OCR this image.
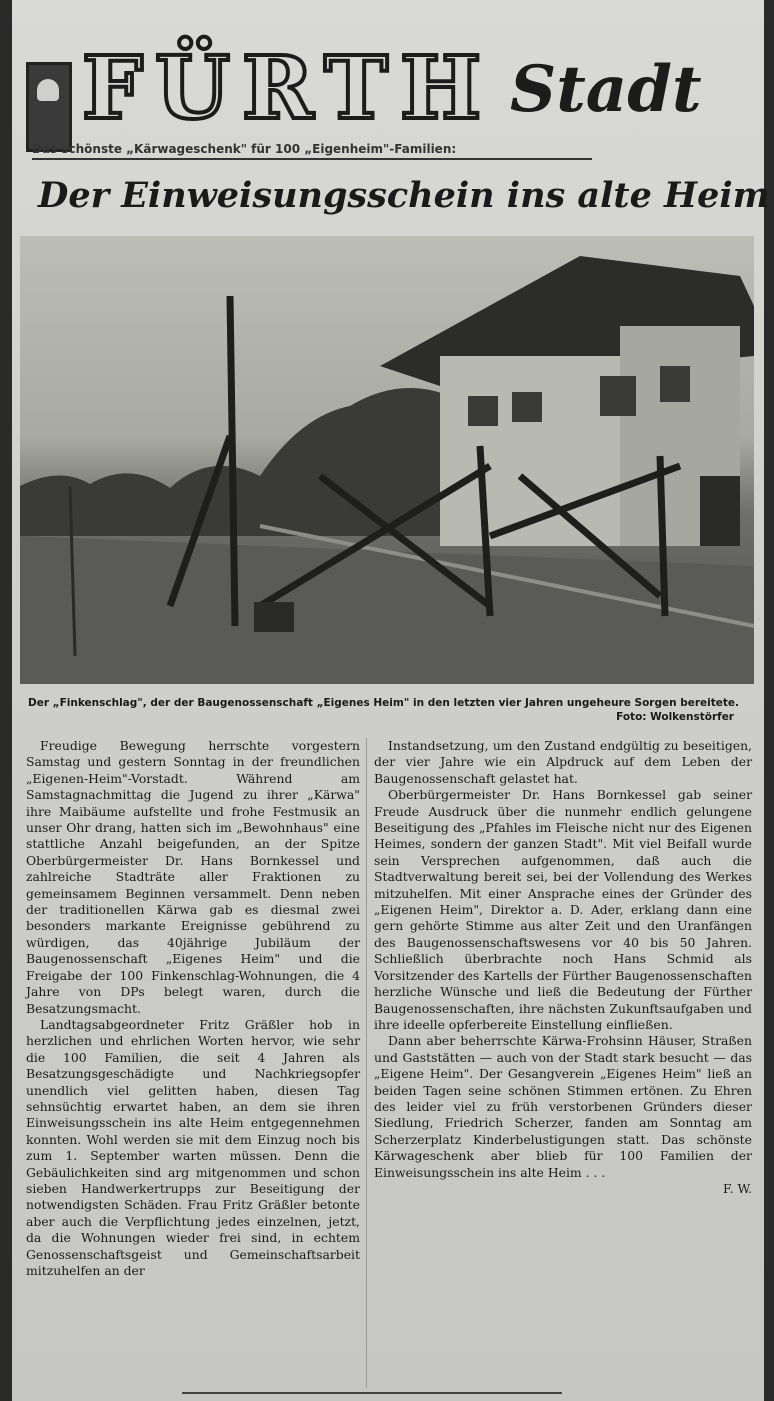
FÜRTH Stadt
Das schönste „Kärwageschenk" für 100 „Eigenheim"-Familien:
Der Einweisungsschein ins alte Heim
Der „Finkenschlag", der der Baugenossenschaft „Eigenes Heim" in den letzten vier Jahren ungeheure Sorgen bereitete.
Foto: Wolkenstörfer

Freudige Bewegung herrschte vorgestern Samstag und gestern Sonntag in der freundlichen „Eigenen-Heim"-Vorstadt. Während am Samstagnachmittag die Jugend zu ihrer „Kärwa" ihre Maibäume aufstellte und frohe Festmusik an unser Ohr drang, hatten sich im „Bewohnhaus" eine stattliche Anzahl beigefunden, an der Spitze Oberbürgermeister Dr. Hans Bornkessel und zahlreiche Stadträte aller Fraktionen zu gemeinsamem Beginnen versammelt. Denn neben der traditionellen Kärwa gab es diesmal zwei besonders markante Ereignisse gebührend zu würdigen, das 40jährige Jubiläum der Baugenossenschaft „Eigenes Heim" und die Freigabe der 100 Finkenschlag-Wohnungen, die 4 Jahre von DPs belegt waren, durch die Besatzungsmacht.

Landtagsabgeordneter Fritz Gräßler hob in herzlichen und ehrlichen Worten hervor, wie sehr die 100 Familien, die seit 4 Jahren als Besatzungsgeschädigte und Nachkriegsopfer unendlich viel gelitten haben, diesen Tag sehnsüchtig erwartet haben, an dem sie ihren Einweisungsschein ins alte Heim entgegennehmen konnten. Wohl werden sie mit dem Einzug noch bis zum 1. September warten müssen. Denn die Gebäulichkeiten sind arg mitgenommen und schon sieben Handwerkertrupps zur Beseitigung der notwendigsten Schäden. Frau Fritz Gräßler betonte aber auch die Verpflichtung jedes einzelnen, jetzt, da die Wohnungen wieder frei sind, in echtem Genossenschaftsgeist und Gemeinschaftsarbeit mitzuhelfen an der

Instandsetzung, um den Zustand endgültig zu beseitigen, der vier Jahre wie ein Alpdruck auf dem Leben der Baugenossenschaft gelastet hat.

Oberbürgermeister Dr. Hans Bornkessel gab seiner Freude Ausdruck über die nunmehr endlich gelungene Beseitigung des „Pfahles im Fleische nicht nur des Eigenen Heimes, sondern der ganzen Stadt". Mit viel Beifall wurde sein Versprechen aufgenommen, daß auch die Stadtverwaltung bereit sei, bei der Vollendung des Werkes mitzuhelfen. Mit einer Ansprache eines der Gründer des „Eigenen Heim", Direktor a. D. Ader, erklang dann eine gern gehörte Stimme aus alter Zeit und den Uranfängen des Baugenossenschaftswesens vor 40 bis 50 Jahren. Schließlich überbrachte noch Hans Schmid als Vorsitzender des Kartells der Fürther Baugenossenschaften herzliche Wünsche und ließ die Bedeutung der Fürther Baugenossenschaften, ihre nächsten Zukunftsaufgaben und ihre ideelle opferbereite Einstellung einfließen.

Dann aber beherrschte Kärwa-Frohsinn Häuser, Straßen und Gaststätten — auch von der Stadt stark besucht — das „Eigene Heim". Der Gesangverein „Eigenes Heim" ließ an beiden Tagen seine schönen Stimmen ertönen. Zu Ehren des leider viel zu früh verstorbenen Gründers dieser Siedlung, Friedrich Scherzer, fanden am Sonntag am Scherzerplatz Kinderbelustigungen statt. Das schönste Kärwageschenk aber blieb für 100 Familien der Einweisungsschein ins alte Heim . . .

F. W.
